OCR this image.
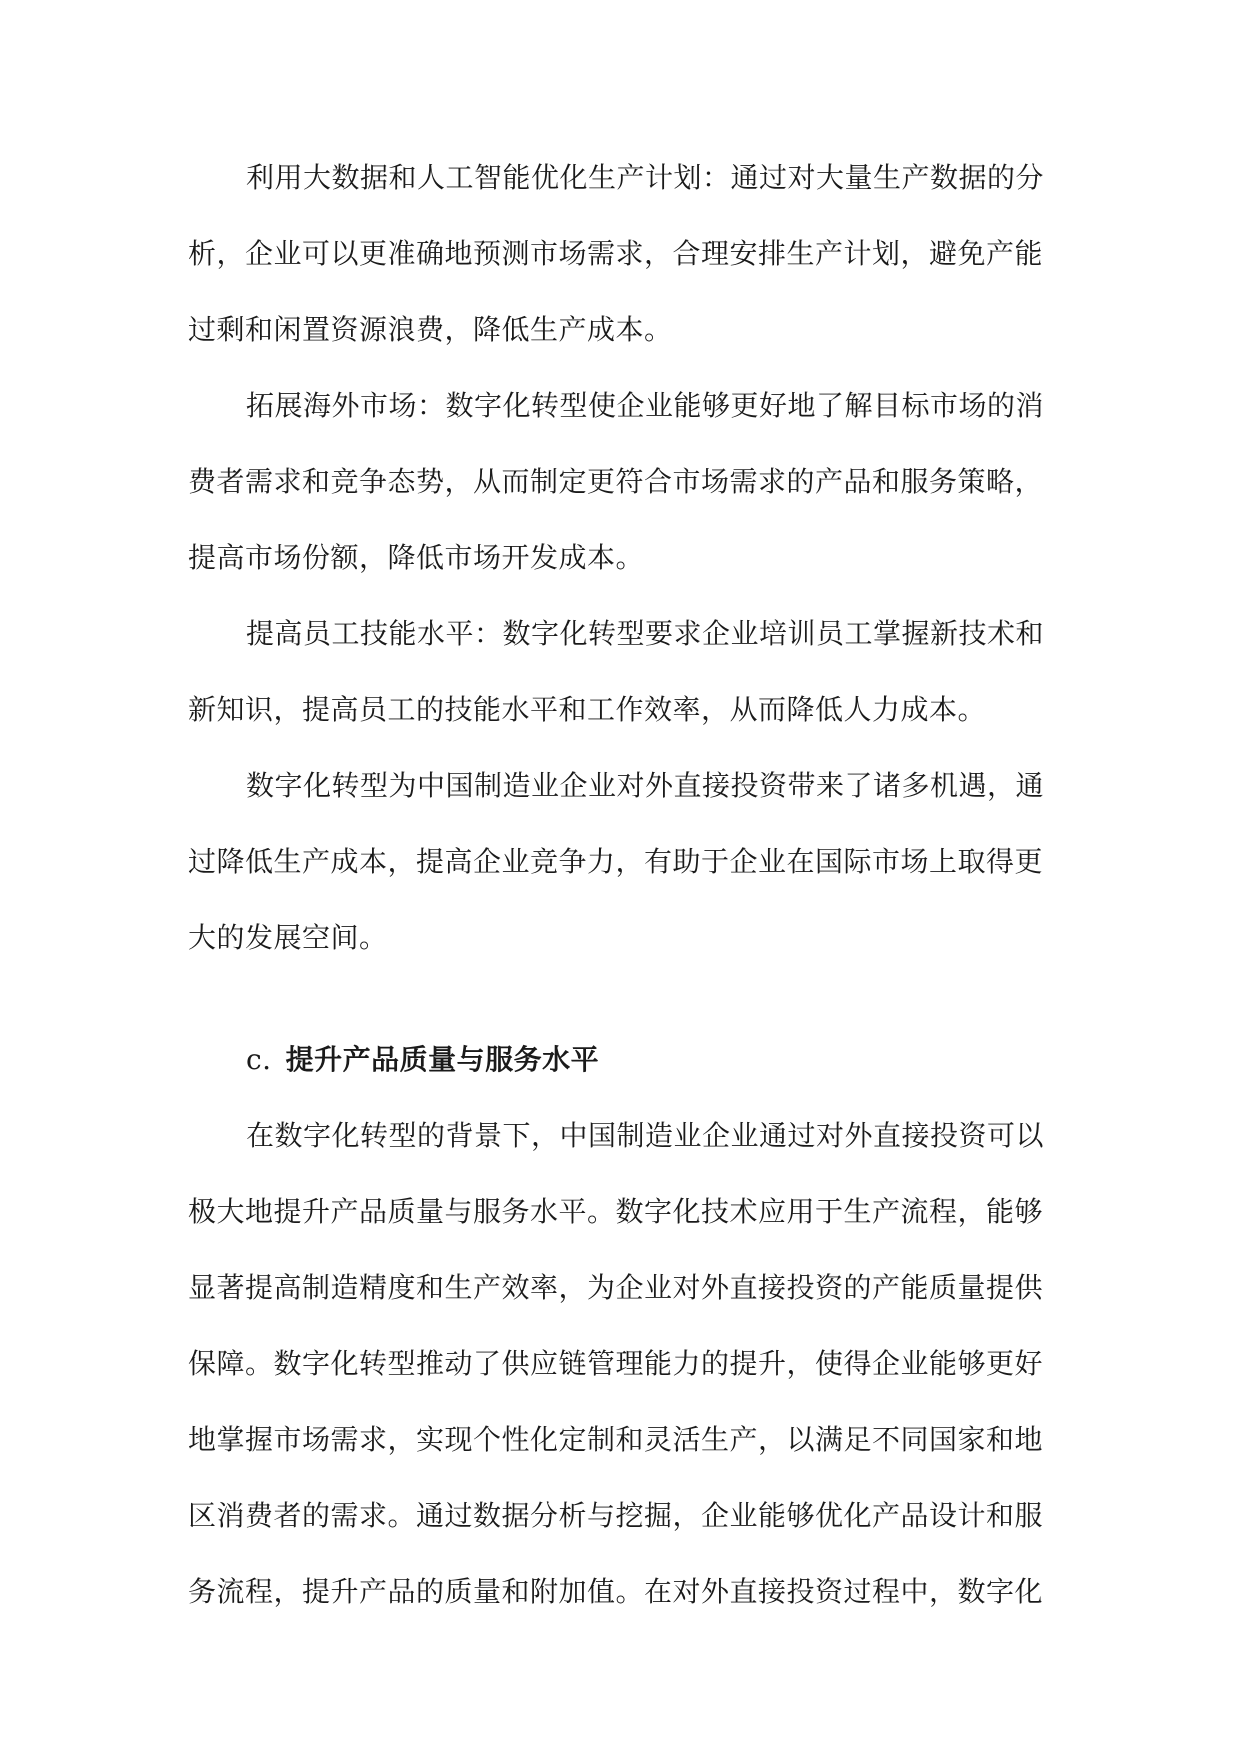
利用大数据和人工智能优化生产计划：通过对大量生产数据的分
析，企业可以更准确地预测市场需求，合理安排生产计划，避免产能
过剩和闲置资源浪费，降低生产成本。

拓展海外市场：数字化转型使企业能够更好地了解目标市场的消
费者需求和竞争态势，从而制定更符合市场需求的产品和服务策略，
提高市场份额，降低市场开发成本。

提高员工技能水平：数字化转型要求企业培训员工掌握新技术和
新知识，提高员工的技能水平和工作效率，从而降低人力成本。

数字化转型为中国制造业企业对外直接投资带来了诸多机遇，通
过降低生产成本，提高企业竞争力，有助于企业在国际市场上取得更
大的发展空间。

c. 提升产品质量与服务水平

在数字化转型的背景下，中国制造业企业通过对外直接投资可以
极大地提升产品质量与服务水平。数字化技术应用于生产流程，能够
显著提高制造精度和生产效率，为企业对外直接投资的产能质量提供
保障。数字化转型推动了供应链管理能力的提升，使得企业能够更好
地掌握市场需求，实现个性化定制和灵活生产，以满足不同国家和地
区消费者的需求。通过数据分析与挖掘，企业能够优化产品设计和服
务流程，提升产品的质量和附加值。在对外直接投资过程中，数字化
